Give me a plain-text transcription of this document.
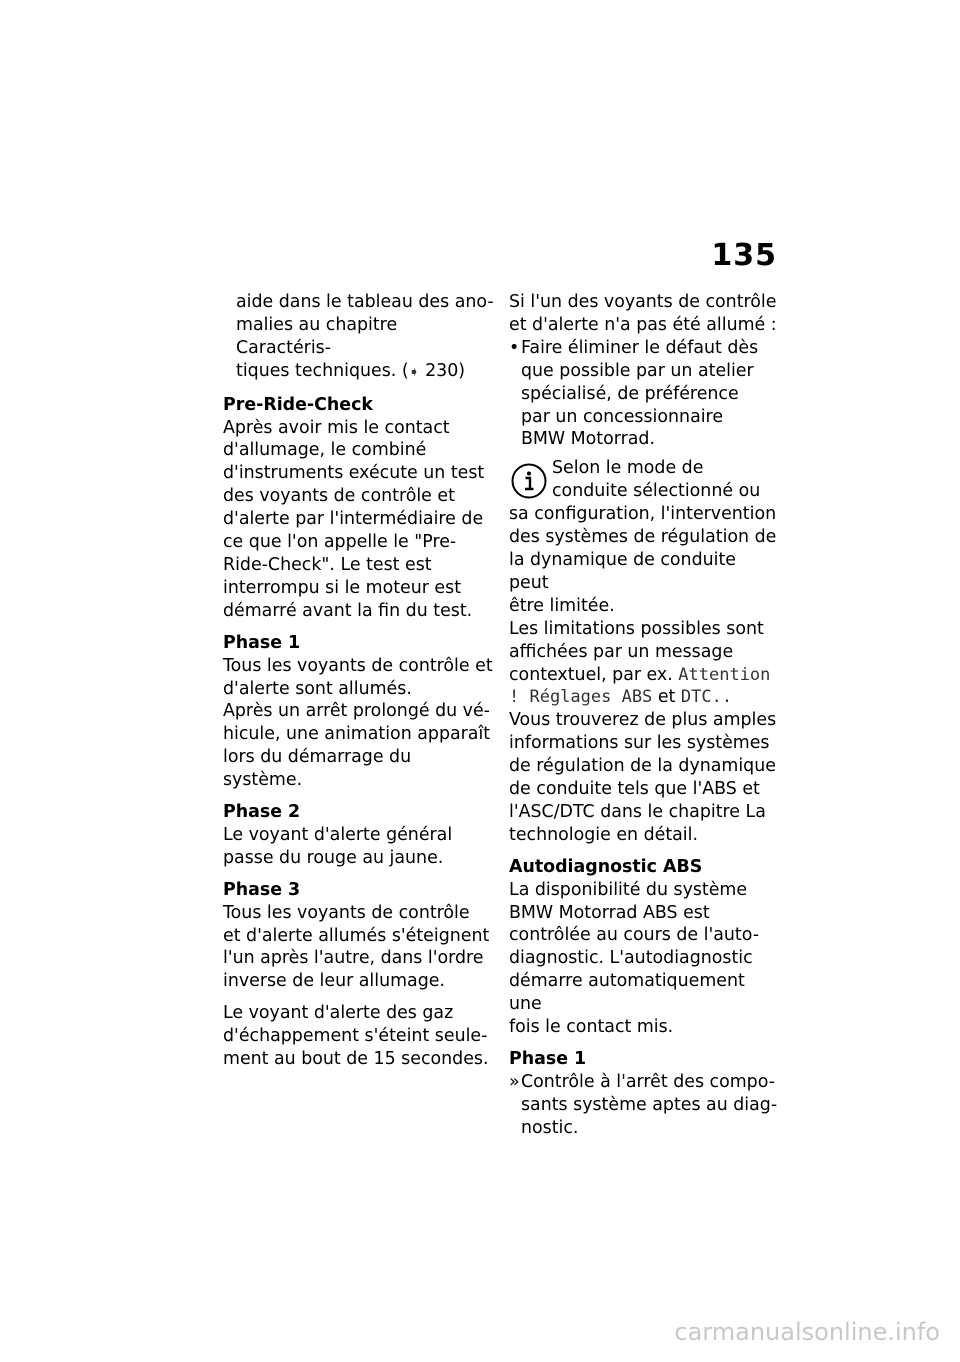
135

aide dans le tableau des ano-

malies au chapitre Caractéris-

tiques techniques. (➧ 230)

Pre-Ride-Check

Après avoir mis le contact

d'allumage, le combiné

d'instruments exécute un test

des voyants de contrôle et

d'alerte par l'intermédiaire de

ce que l'on appelle le "Pre-

Ride-Check". Le test est

interrompu si le moteur est

démarré avant la fin du test.

Phase 1

Tous les voyants de contrôle et

d'alerte sont allumés.

Après un arrêt prolongé du vé-

hicule, une animation apparaît

lors du démarrage du système.

Phase 2

Le voyant d'alerte général

passe du rouge au jaune.

Phase 3

Tous les voyants de contrôle

et d'alerte allumés s'éteignent

l'un après l'autre, dans l'ordre

inverse de leur allumage.

Le voyant d'alerte des gaz

d'échappement s'éteint seule-

ment au bout de 15 secondes.

Si l'un des voyants de contrôle

et d'alerte n'a pas été allumé :

• Faire éliminer le défaut dès

que possible par un atelier

spécialisé, de préférence

par un concessionnaire

BMW Motorrad.

Selon le mode de

conduite sélectionné ou

sa configuration, l'intervention

des systèmes de régulation de

la dynamique de conduite peut

être limitée.

Les limitations possibles sont

affichées par un message

contextuel, par ex. Attention

! Réglages ABS et DTC..

Vous trouverez de plus amples

informations sur les systèmes

de régulation de la dynamique

de conduite tels que l'ABS et

l'ASC/DTC dans le chapitre La

technologie en détail.

Autodiagnostic ABS

La disponibilité du système

BMW Motorrad ABS est

contrôlée au cours de l'auto-

diagnostic. L'autodiagnostic

démarre automatiquement une

fois le contact mis.

Phase 1

» Contrôle à l'arrêt des compo-

sants système aptes au diag-

nostic.

carmanualsonline.info
